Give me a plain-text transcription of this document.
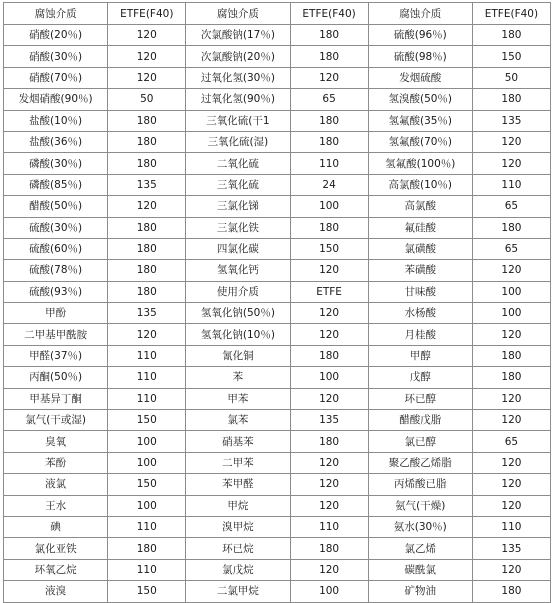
腐蚀介质	ETFE(F40)	腐蚀介质	ETFE(F40)	腐蚀介质	ETFE(F40)
硝酸(20％)	120	次氯酸钠(17％)	180	硫酸(96％)	180
硝酸(30％)	120	次氯酸钠(20％)	180	硫酸(98％)	150
硝酸(70％)	120	过氧化氢(30％)	120	发烟硫酸	50
发烟硝酸(90％)	50	过氧化氢(90％)	65	氢溴酸(50％)	180
盐酸(10％)	180	三氧化硫(干1	180	氢氟酸(35％)	135
盐酸(36％)	180	三氧化硫(湿)	180	氢氟酸(70％)	120
磷酸(30％)	180	二氧化硫	110	氢氟酸(100％)	120
磷酸(85％)	135	三氧化硫	24	高氯酸(10％)	110
醋酸(50％)	120	三氯化锑	100	高氯酸	65
硫酸(30％)	180	三氯化铁	180	氟硅酸	180
硫酸(60％)	180	四氯化碳	150	氯磺酸	65
硫酸(78％)	180	氢氧化钙	120	苯磺酸	120
硫酸(93％)	180	使用介质	ETFE	甘味酸	100
甲酚	135	氢氧化钠(50％)	120	水杨酸	100
二甲基甲酰胺	120	氢氧化钠(10％)	120	月桂酸	120
甲醛(37％)	110	氰化铜	180	甲醇	180
丙酮(50％)	110	苯	100	戊醇	180
甲基异丁酮	110	甲苯	120	环已醇	120
氯气(干或湿)	150	氯苯	135	醋酸戊脂	120
臭氧	100	硝基苯	180	氯已醇	65
苯酚	100	二甲苯	120	聚乙酸乙烯脂	120
液氯	150	苯甲醛	120	丙烯酸已脂	120
王水	100	甲烷	120	氨气(干燥)	120
碘	110	溴甲烷	110	氨水(30％)	110
氯化亚铁	180	环已烷	180	氯乙烯	135
环氧乙烷	110	氯戊烷	120	碳酰氯	120
液溴	150	二氯甲烷	100	矿物油	180
